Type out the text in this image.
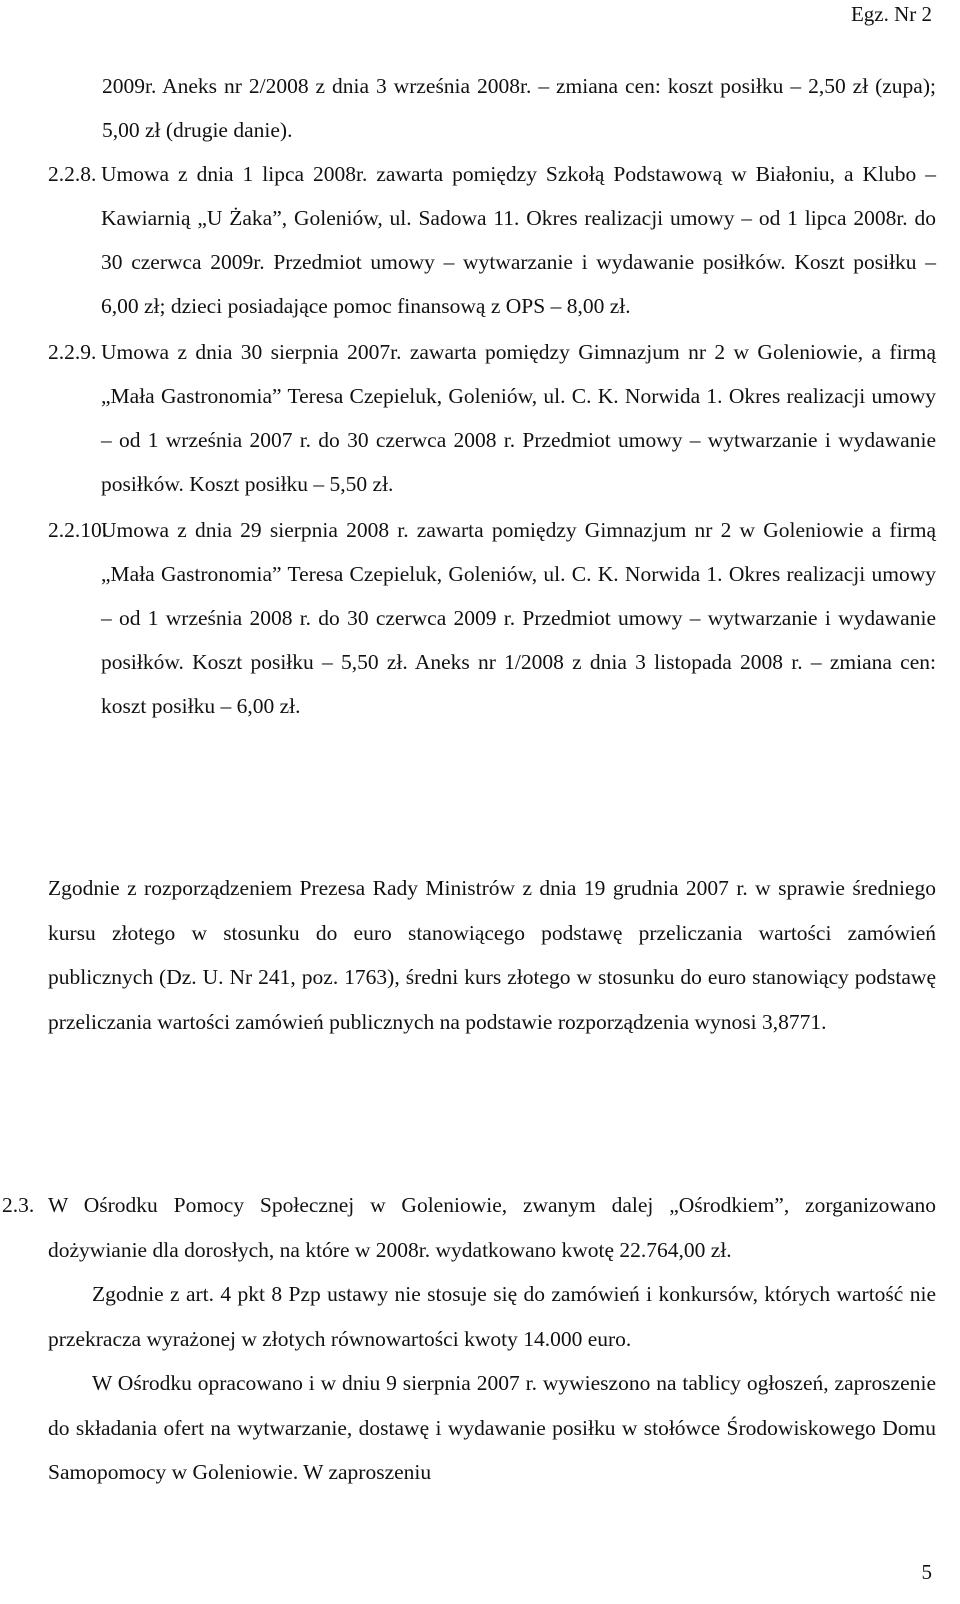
Egz. Nr 2

2009r. Aneks nr 2/2008 z dnia 3 września 2008r. – zmiana cen: koszt posiłku – 2,50 zł (zupa); 5,00 zł (drugie danie).

2.2.8. Umowa z dnia 1 lipca 2008r. zawarta pomiędzy Szkołą Podstawową w Białoniu, a Klubo – Kawiarnią „U Żaka”, Goleniów, ul. Sadowa 11. Okres realizacji umowy – od 1 lipca 2008r. do 30 czerwca 2009r. Przedmiot umowy – wytwarzanie i wydawanie posiłków. Koszt posiłku – 6,00 zł; dzieci posiadające pomoc finansową z OPS – 8,00 zł.
2.2.9. Umowa z dnia 30 sierpnia 2007r. zawarta pomiędzy Gimnazjum nr 2 w Goleniowie, a firmą „Mała Gastronomia” Teresa Czepieluk, Goleniów, ul. C. K. Norwida 1. Okres realizacji umowy – od 1 września 2007 r. do 30 czerwca 2008 r. Przedmiot umowy – wytwarzanie i wydawanie posiłków. Koszt posiłku – 5,50 zł.
2.2.10.
Umowa z dnia 29 sierpnia 2008 r. zawarta pomiędzy Gimnazjum nr 2 w Goleniowie a firmą „Mała Gastronomia” Teresa Czepieluk, Goleniów, ul. C. K. Norwida 1. Okres realizacji umowy – od 1 września 2008 r. do 30 czerwca 2009 r. Przedmiot umowy – wytwarzanie i wydawanie posiłków. Koszt posiłku – 5,50 zł. Aneks nr 1/2008 z dnia 3 listopada 2008 r. – zmiana cen: koszt posiłku – 6,00 zł.

Zgodnie z rozporządzeniem Prezesa Rady Ministrów z dnia 19 grudnia 2007 r. w sprawie średniego kursu złotego w stosunku do euro stanowiącego podstawę przeliczania wartości zamówień publicznych (Dz. U. Nr 241, poz. 1763), średni kurs złotego w stosunku do euro stanowiący podstawę przeliczania wartości zamówień publicznych na podstawie rozporządzenia wynosi 3,8771.

2.3. W Ośrodku Pomocy Społecznej w Goleniowie, zwanym dalej „Ośrodkiem”, zorganizowano dożywianie dla dorosłych, na które w 2008r. wydatkowano kwotę 22.764,00 zł.

Zgodnie z art. 4 pkt 8 Pzp ustawy nie stosuje się do zamówień i konkursów, których wartość nie przekracza wyrażonej w złotych równowartości kwoty 14.000 euro.

W Ośrodku opracowano i w dniu 9 sierpnia 2007 r. wywieszono na tablicy ogłoszeń, zaproszenie do składania ofert na wytwarzanie, dostawę i wydawanie posiłku w stołówce Środowiskowego Domu Samopomocy w Goleniowie. W zaproszeniu

5
